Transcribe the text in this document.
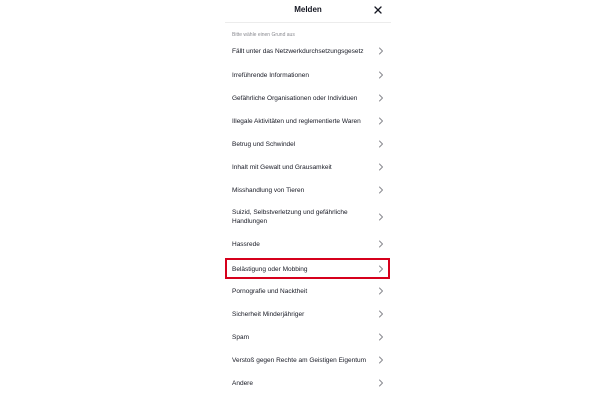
Melden
Bitte wähle einen Grund aus
Fällt unter das Netzwerkdurchsetzungsgesetz
Irreführende Informationen
Gefährliche Organisationen oder Individuen
Illegale Aktivitäten und reglementierte Waren
Betrug und Schwindel
Inhalt mit Gewalt und Grausamkeit
Misshandlung von Tieren
Suizid, Selbstverletzung und gefährliche Handlungen
Hassrede
Belästigung oder Mobbing
Pornografie und Nacktheit
Sicherheit Minderjähriger
Spam
Verstoß gegen Rechte am Geistigen Eigentum
Andere
